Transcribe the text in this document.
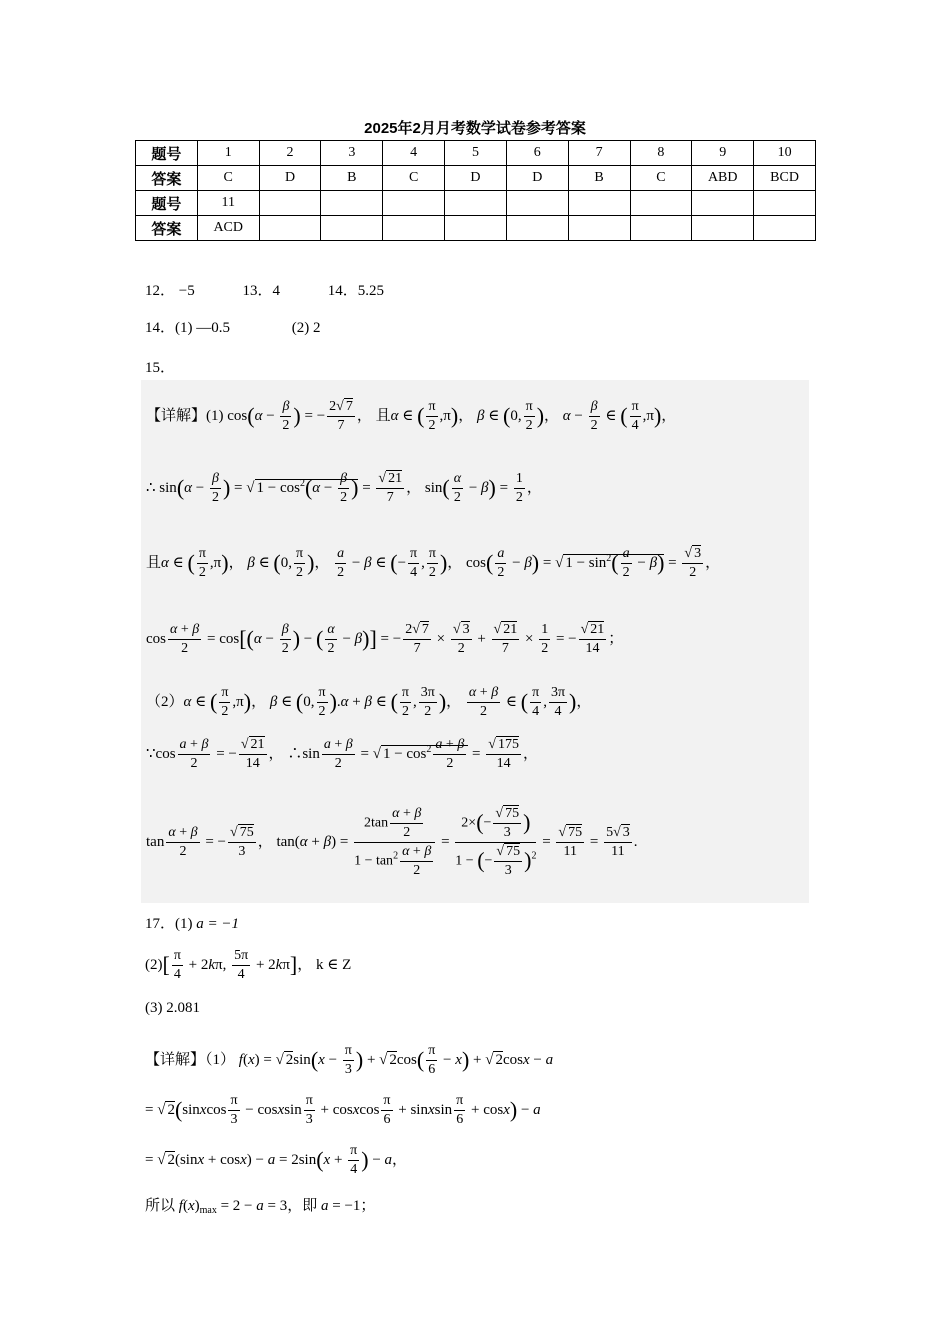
2025年2月月考数学试卷参考答案
题号	1	2	3	4	5	6	7	8	9	10
答案	C	D	B	C	D	D	B	C	ABD	BCD
题号	11									
答案	ACD									
12． −5	13．4	14．5.25
14．(1) —0.5	(2) 2
15．
【详解】(1) $\cos(\alpha - \frac{\beta}{2}$ ) = − $\frac{2√ 7}{7}$ ， 且α ∈ ( $\frac{\pi}{2} ,\pi$)， β ∈ (0, $\frac{\pi}{2}$ )， $\alpha - \frac{\beta}{2}$ ∈ ( $\frac{\pi}{4} ,\pi$)，
∴ $\sin(\alpha - \frac{\beta}{2}$ ) = √ $1 - \cos^2(\alpha - \frac{\beta}{2}$ ) = $\frac{√ 21}{7}$ ， $\sin( \frac{\alpha}{2} - \beta) = \frac{1}{2}$ ，
且α ∈ ( $\frac{\pi}{2} ,\pi$)， β ∈ (0, $\frac{\pi}{2}$ )， $\frac{a}{2} - \beta$ ∈ (− $\frac{\pi}{4}$ , $\frac{\pi}{2}$ )， $\cos( \frac{a}{2} - \beta)$ = √ $1 - \sin^2( \frac{a}{2} - \beta) = \frac{√ 3}{2}$ ，
$\cos \frac{\alpha + \beta}{2} = \cos[(\alpha - \frac{\beta}{2}$ ) − ( $\frac{\alpha}{2} - \beta$)] = − $\frac{2√ 7}{7} \times \frac{√ 3}{2} + \frac{√ 21}{7} \times \frac{1}{2}$ = − $\frac{√ 21}{14}$ ；
（2）α ∈ ( $\frac{\pi}{2} ,\pi$)， β ∈ (0, $\frac{\pi}{2} ).\alpha + \beta$ ∈ ( $\frac{\pi}{2}$ , $\frac{3\pi}{2}$ )， $\frac{\alpha + \beta}{2}$ ∈ ( $\frac{\pi}{4}$ , $\frac{3\pi}{4}$ )，
∵cos $\frac{a + \beta}{2}$ = − $\frac{√ 21}{14}$ ， ∴sin $\frac{a + \beta}{2}$ = √ $1 - \cos^2 \frac{a + \beta}{2} = \frac{√ 175}{14}$ ，
$\tan \frac{\alpha + \beta}{2}$ = − $\frac{√ 75}{3}$ ， $\tan(\alpha + \beta) = \frac{2\tan \frac{\alpha + \beta}{2}}{1 - \tan^2 \frac{\alpha + \beta}{2}} = \frac{2\times(- \frac{√ 75}{3} )}{1 - (- \frac{√ 75}{3} )^2} = \frac{√ 75}{11} = \frac{5√ 3}{11}$ .
17．(1) a = −1
$(2)[ \frac{\pi}{4} + 2k\pi$, $\frac{5\pi}{4} + 2k\pi$]， k ∈ Z
(3) 2.081
【详解】（1） f(x) = √ $2\sin(x - \frac{\pi}{3}$ ) + √ $2\cos( \frac{\pi}{6} - x)$ + √ 2cosx − a
= √ 2(sinxcos $\frac{\pi}{3}$ − cosxsin $\frac{\pi}{3}$ + cosxcos $\frac{\pi}{6}$ + sinxsin $\frac{\pi}{6} + \cos x) - a$
= √ $2(\sin x + \cos x) - a = 2\sin(x + \frac{\pi}{4}$ ) − a，
所以 $f(x)_{max} = 2 - a = 3$，即 a = −1；
